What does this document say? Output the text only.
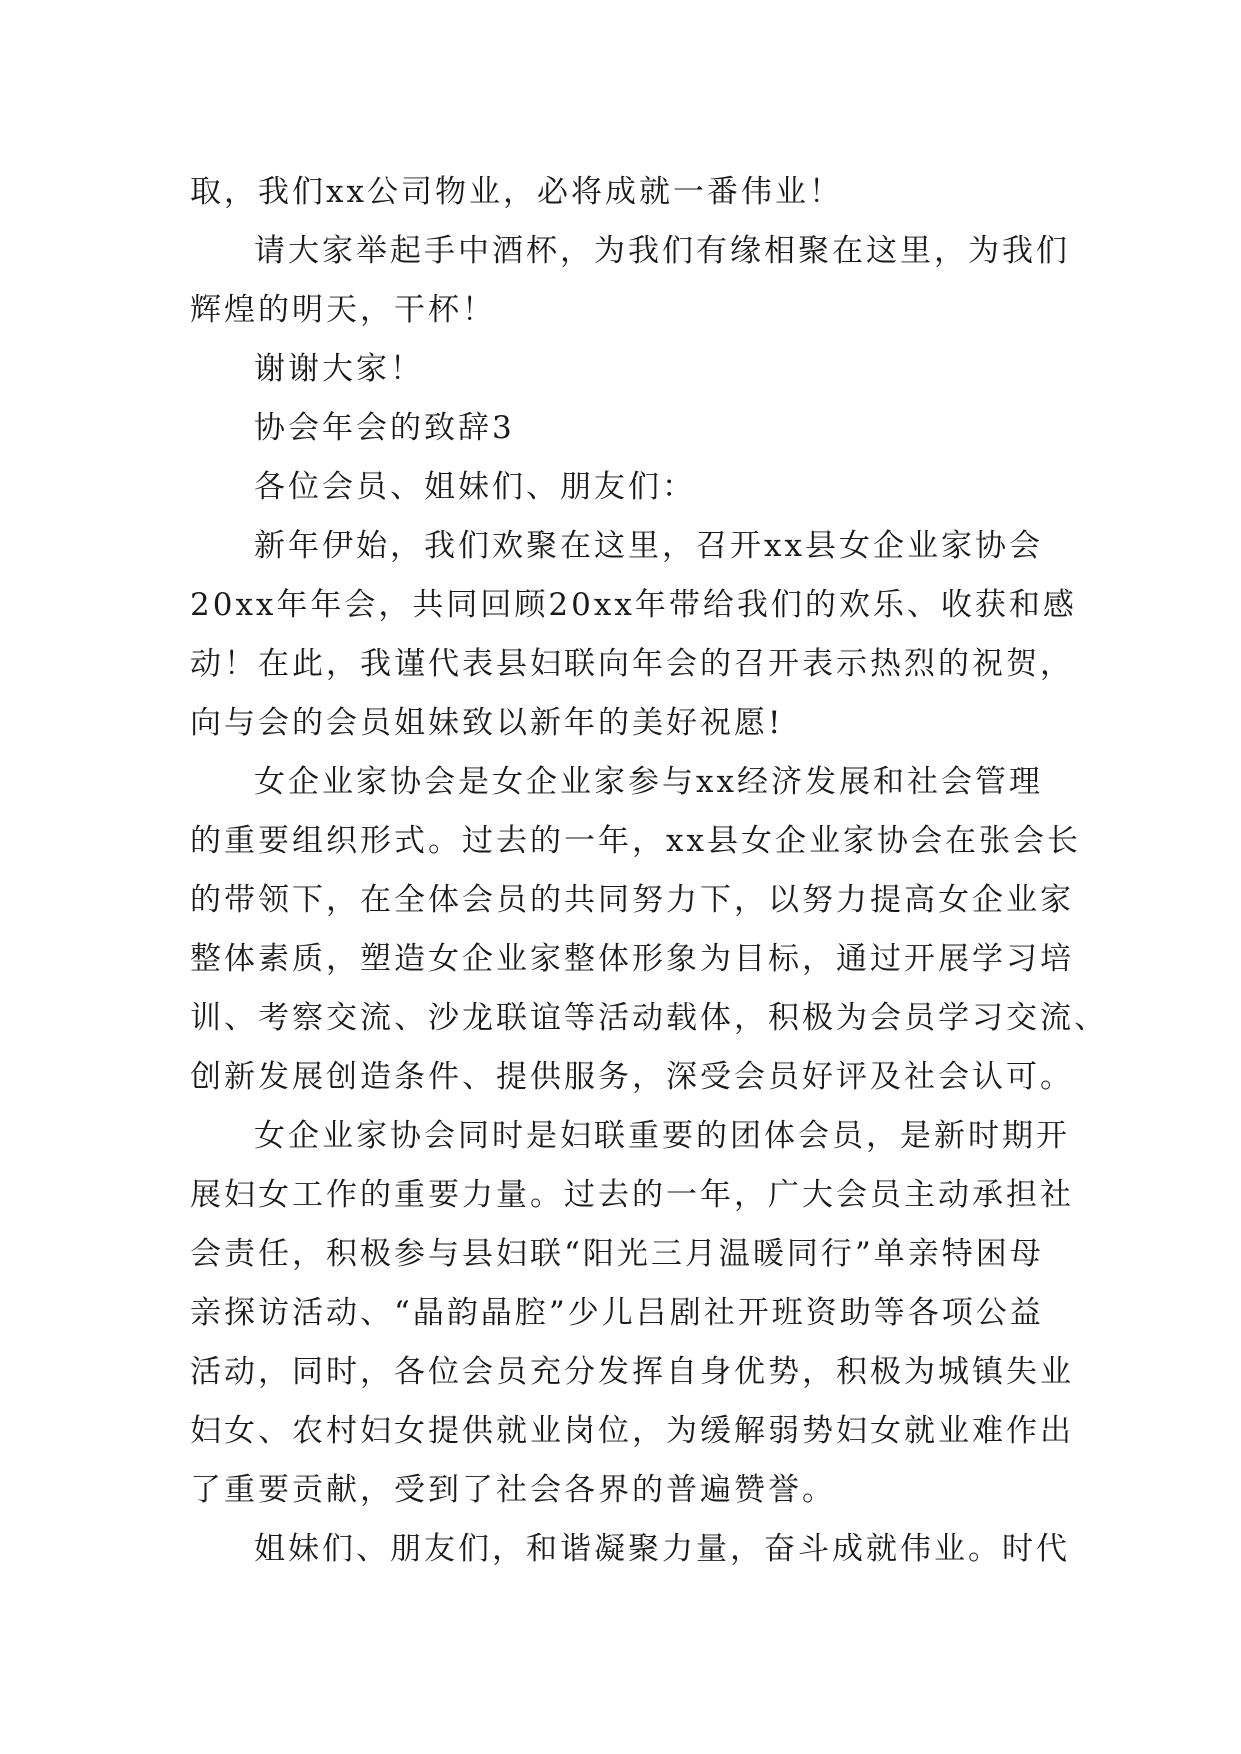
取，我们xx公司物业，必将成就一番伟业！
请大家举起手中酒杯，为我们有缘相聚在这里，为我们
辉煌的明天，干杯！
谢谢大家！
协会年会的致辞3
各位会员、姐妹们、朋友们：
新年伊始，我们欢聚在这里，召开xx县女企业家协会
20xx年年会，共同回顾20xx年带给我们的欢乐、收获和感
动！在此，我谨代表县妇联向年会的召开表示热烈的祝贺，
向与会的会员姐妹致以新年的美好祝愿!
女企业家协会是女企业家参与xx经济发展和社会管理
的重要组织形式。过去的一年，xx县女企业家协会在张会长
的带领下，在全体会员的共同努力下，以努力提高女企业家
整体素质，塑造女企业家整体形象为目标，通过开展学习培
训、考察交流、沙龙联谊等活动载体，积极为会员学习交流、
创新发展创造条件、提供服务，深受会员好评及社会认可。
女企业家协会同时是妇联重要的团体会员，是新时期开
展妇女工作的重要力量。过去的一年，广大会员主动承担社
会责任，积极参与县妇联“阳光三月温暖同行”单亲特困母
亲探访活动、“晶韵晶腔”少儿吕剧社开班资助等各项公益
活动，同时，各位会员充分发挥自身优势，积极为城镇失业
妇女、农村妇女提供就业岗位，为缓解弱势妇女就业难作出
了重要贡献，受到了社会各界的普遍赞誉。
姐妹们、朋友们，和谐凝聚力量，奋斗成就伟业。时代
